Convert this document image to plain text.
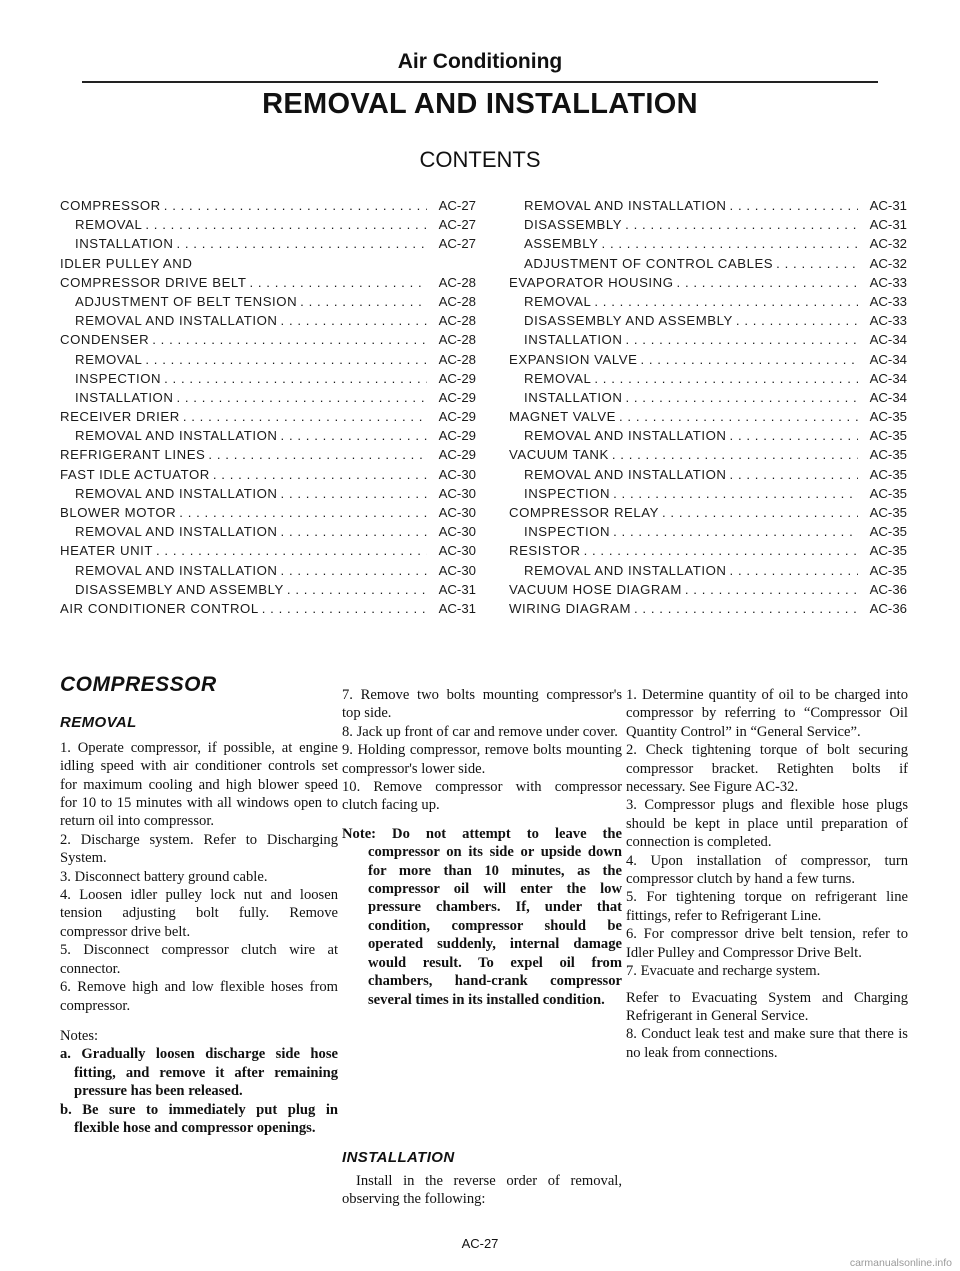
Air Conditioning
REMOVAL AND INSTALLATION
CONTENTS
COMPRESSOR . . .	AC-27
REMOVAL . . .	AC-27
INSTALLATION . . .	AC-27
IDLER PULLEY AND
COMPRESSOR DRIVE BELT . . .	AC-28
ADJUSTMENT OF BELT TENSION . . .	AC-28
REMOVAL AND INSTALLATION . . .	AC-28
CONDENSER . . .	AC-28
REMOVAL . . .	AC-28
INSPECTION . . .	AC-29
INSTALLATION . . .	AC-29
RECEIVER DRIER . . .	AC-29
REMOVAL AND INSTALLATION . . .	AC-29
REFRIGERANT LINES . . .	AC-29
FAST IDLE ACTUATOR . . .	AC-30
REMOVAL AND INSTALLATION . . .	AC-30
BLOWER MOTOR . . .	AC-30
REMOVAL AND INSTALLATION . . .	AC-30
HEATER UNIT . . .	AC-30
REMOVAL AND INSTALLATION . . .	AC-30
DISASSEMBLY AND ASSEMBLY . . .	AC-31
AIR CONDITIONER CONTROL . . .	AC-31
REMOVAL AND INSTALLATION . . .	AC-31
DISASSEMBLY . . .	AC-31
ASSEMBLY . . .	AC-32
ADJUSTMENT OF CONTROL CABLES . . .	AC-32
EVAPORATOR HOUSING . . .	AC-33
REMOVAL . . .	AC-33
DISASSEMBLY AND ASSEMBLY . . .	AC-33
INSTALLATION . . .	AC-34
EXPANSION VALVE . . .	AC-34
REMOVAL . . .	AC-34
INSTALLATION . . .	AC-34
MAGNET VALVE . . .	AC-35
REMOVAL AND INSTALLATION . . .	AC-35
VACUUM TANK . . .	AC-35
REMOVAL AND INSTALLATION . . .	AC-35
INSPECTION . . .	AC-35
COMPRESSOR RELAY . . .	AC-35
INSPECTION . . .	AC-35
RESISTOR . . .	AC-35
REMOVAL AND INSTALLATION . . .	AC-35
VACUUM HOSE DIAGRAM . . .	AC-36
WIRING DIAGRAM . . .	AC-36
COMPRESSOR
REMOVAL

1. Operate compressor, if possible, at engine idling speed with air conditioner controls set for maximum cooling and high blower speed for 10 to 15 minutes with all windows open to return oil into compressor.

2. Discharge system. Refer to Discharging System.

3. Disconnect battery ground cable.

4. Loosen idler pulley lock nut and loosen tension adjusting bolt fully. Remove compressor drive belt.

5. Disconnect compressor clutch wire at connector.

6. Remove high and low flexible hoses from compressor.

Notes:

a. Gradually loosen discharge side hose fitting, and remove it after remaining pressure has been released.

b. Be sure to immediately put plug in flexible hose and compressor openings.

7. Remove two bolts mounting compressor's top side.

8. Jack up front of car and remove under cover.

9. Holding compressor, remove bolts mounting compressor's lower side.

10. Remove compressor with compressor clutch facing up.

Note: Do not attempt to leave the compressor on its side or upside down for more than 10 minutes, as the compressor oil will enter the low pressure chambers. If, under that condition, compressor should be operated suddenly, internal damage would result. To expel oil from chambers, hand-crank compressor several times in its installed condition.

INSTALLATION

Install in the reverse order of removal, observing the following:

1. Determine quantity of oil to be charged into compressor by referring to “Compressor Oil Quantity Control” in “General Service”.

2. Check tightening torque of bolt securing compressor bracket. Retighten bolts if necessary. See Figure AC-32.

3. Compressor plugs and flexible hose plugs should be kept in place until preparation of connection is completed.

4. Upon installation of compressor, turn compressor clutch by hand a few turns.

5. For tightening torque on refrigerant line fittings, refer to Refrigerant Line.

6. For compressor drive belt tension, refer to Idler Pulley and Compressor Drive Belt.

7. Evacuate and recharge system.

Refer to Evacuating System and Charging Refrigerant in General Service.

8. Conduct leak test and make sure that there is no leak from connections.

AC-27
carmanualsonline.info
